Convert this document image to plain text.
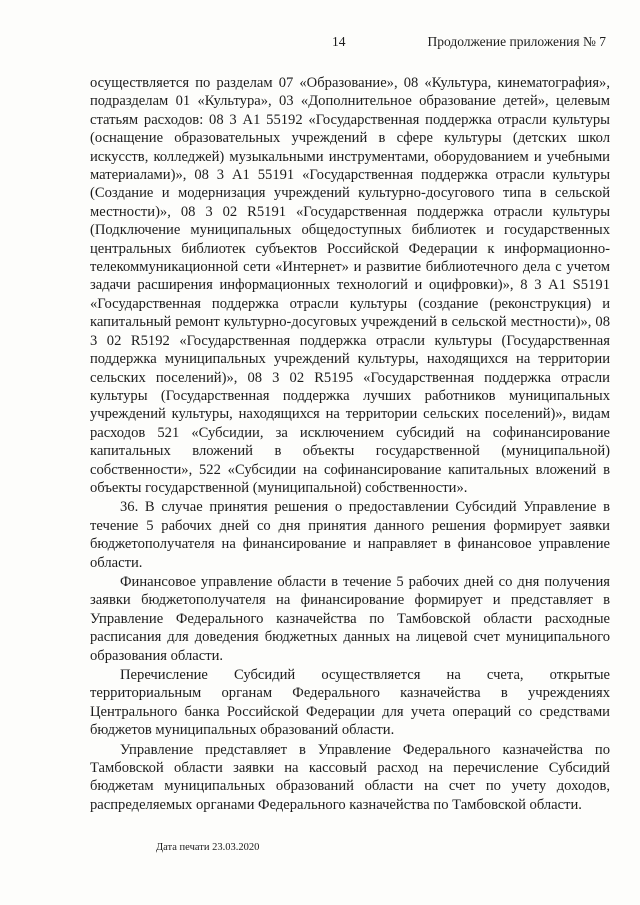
14	Продолжение приложения № 7

осуществляется по разделам 07 «Образование», 08 «Культура, кинематография», подразделам 01 «Культура», 03 «Дополнительное образование детей», целевым статьям расходов: 08 3 A1 55192 «Государственная поддержка отрасли культуры (оснащение образовательных учреждений в сфере культуры (детских школ искусств, колледжей) музыкальными инструментами, оборудованием и учебными материалами)», 08 3 A1 55191 «Государственная поддержка отрасли культуры (Создание и модернизация учреждений культурно-досугового типа в сельской местности)», 08 3 02 R5191 «Государственная поддержка отрасли культуры (Подключение муниципальных общедоступных библиотек и государственных центральных библиотек субъектов Российской Федерации к информационно-телекоммуникационной сети «Интернет» и развитие библиотечного дела с учетом задачи расширения информационных технологий и оцифровки)», 8 3 A1 S5191 «Государственная поддержка отрасли культуры (создание (реконструкция) и капитальный ремонт культурно-досуговых учреждений в сельской местности)», 08 3 02 R5192 «Государственная поддержка отрасли культуры (Государственная поддержка муниципальных учреждений культуры, находящихся на территории сельских поселений)», 08 3 02 R5195 «Государственная поддержка отрасли культуры (Государственная поддержка лучших работников муниципальных учреждений культуры, находящихся на территории сельских поселений)», видам расходов 521 «Субсидии, за исключением субсидий на софинансирование капитальных вложений в объекты государственной (муниципальной) собственности», 522 «Субсидии на софинансирование капитальных вложений в объекты государственной (муниципальной) собственности».

36. В случае принятия решения о предоставлении Субсидий Управление в течение 5 рабочих дней со дня принятия данного решения формирует заявки бюджетополучателя на финансирование и направляет в финансовое управление области.

Финансовое управление области в течение 5 рабочих дней со дня получения заявки бюджетополучателя на финансирование формирует и представляет в Управление Федерального казначейства по Тамбовской области расходные расписания для доведения бюджетных данных на лицевой счет муниципального образования области.

Перечисление Субсидий осуществляется на счета, открытые территориальным органам Федерального казначейства в учреждениях Центрального банка Российской Федерации для учета операций со средствами бюджетов муниципальных образований области.

Управление представляет в Управление Федерального казначейства по Тамбовской области заявки на кассовый расход на перечисление Субсидий бюджетам муниципальных образований области на счет по учету доходов, распределяемых органами Федерального казначейства по Тамбовской области.

Дата печати 23.03.2020
